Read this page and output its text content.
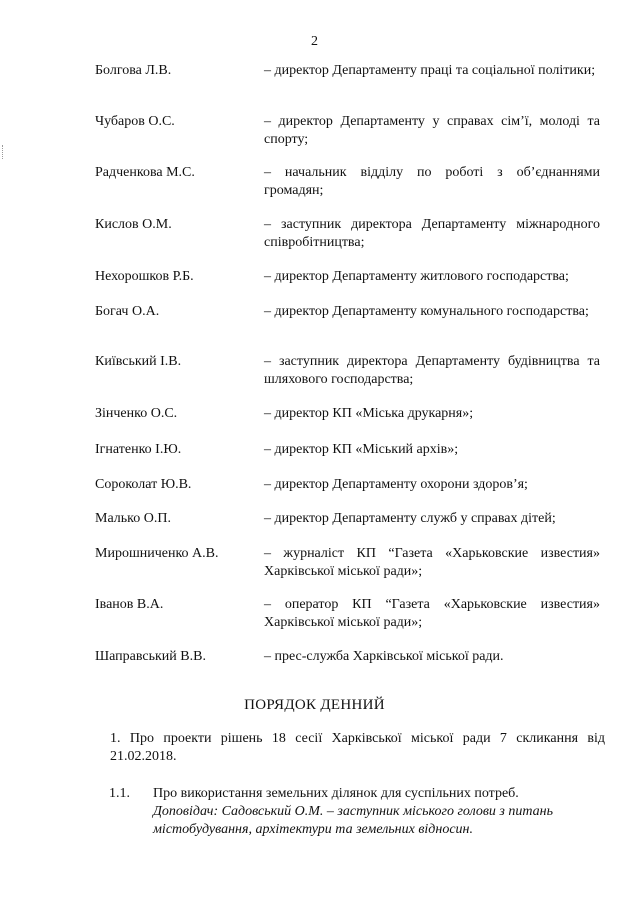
2
Болгова Л.В.	– директор Департаменту праці та соціальної політики;
Чубаров О.С.	– директор Департаменту у справах сім’ї, молоді та спорту;
Радченкова М.С.	– начальник відділу по роботі з об’єднаннями громадян;
Кислов О.М.	– заступник директора Департаменту міжнародного співробітництва;
Нехорошков Р.Б.	– директор Департаменту житлового господарства;
Богач О.А.	– директор Департаменту комунального господарства;
Київський І.В.	– заступник директора Департаменту будівництва та шляхового господарства;
Зінченко О.С.	– директор КП «Міська друкарня»;
Ігнатенко І.Ю.	– директор КП «Міський архів»;
Сороколат Ю.В.	– директор Департаменту охорони здоров’я;
Малько О.П.	– директор Департаменту служб у справах дітей;
Мирошниченко А.В.	– журналіст КП “Газета «Харьковские известия» Харківської міської ради»;
Іванов В.А.	– оператор КП “Газета «Харьковские известия» Харківської міської ради»;
Шаправський В.В.	– прес-служба Харківської міської ради.
ПОРЯДОК ДЕННИЙ
1. Про проекти рішень 18 сесії Харківської міської ради 7 скликання від 21.02.2018.
1.1. Про використання земельних ділянок для суспільних потреб.
Доповідач: Садовський О.М. – заступник міського голови з питань містобудування, архітектури та земельних відносин.
